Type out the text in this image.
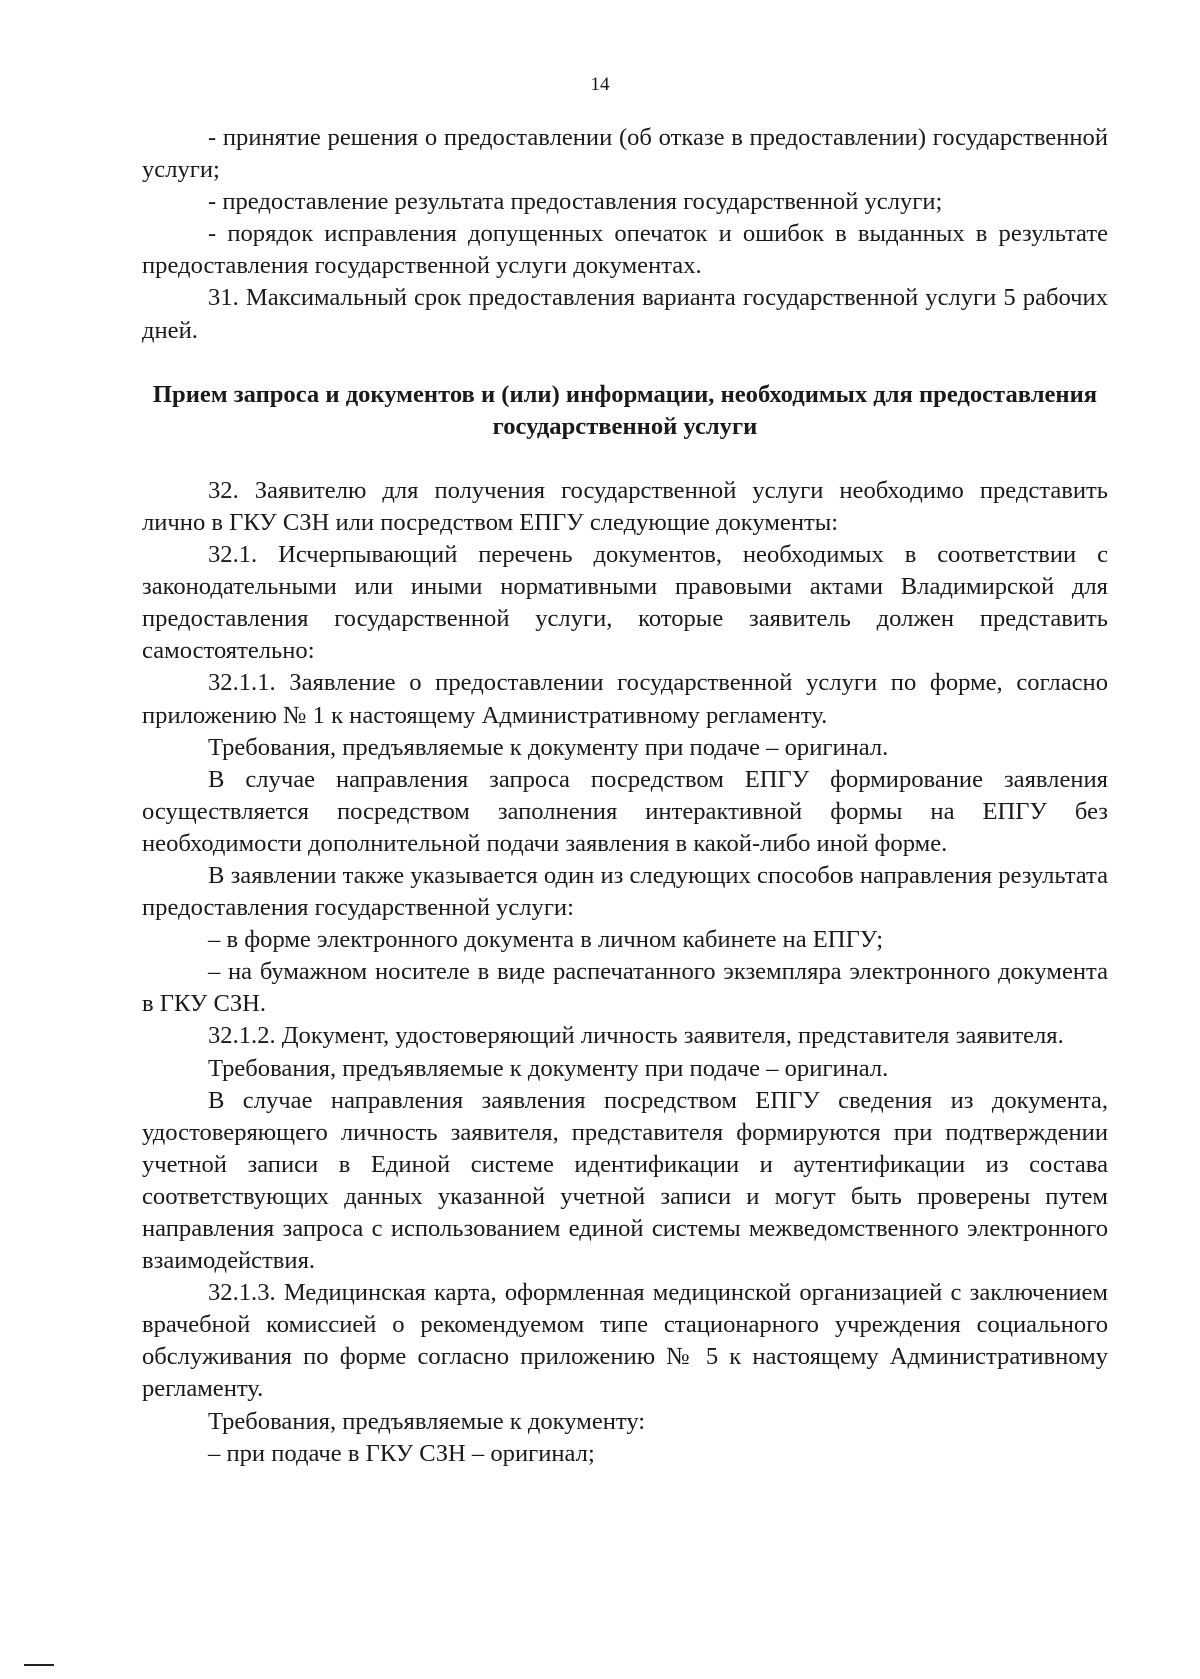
14

- принятие решения о предоставлении (об отказе в предоставлении) государственной услуги;

- предоставление результата предоставления государственной услуги;

- порядок исправления допущенных опечаток и ошибок в выданных в результате предоставления государственной услуги документах.

31. Максимальный срок предоставления варианта государственной услуги 5 рабочих дней.

Прием запроса и документов и (или) информации, необходимых для предоставления государственной услуги

32. Заявителю для получения государственной услуги необходимо представить лично в ГКУ СЗН или посредством ЕПГУ следующие документы:

32.1. Исчерпывающий перечень документов, необходимых в соответствии с законодательными или иными нормативными правовыми актами Владимирской для предоставления государственной услуги, которые заявитель должен представить самостоятельно:

32.1.1. Заявление о предоставлении государственной услуги по форме, согласно приложению № 1 к настоящему Административному регламенту.

Требования, предъявляемые к документу при подаче – оригинал.

В случае направления запроса посредством ЕПГУ формирование заявления осуществляется посредством заполнения интерактивной формы на ЕПГУ без необходимости дополнительной подачи заявления в какой-либо иной форме.

В заявлении также указывается один из следующих способов направления результата предоставления государственной услуги:

– в форме электронного документа в личном кабинете на ЕПГУ;

– на бумажном носителе в виде распечатанного экземпляра электронного документа в ГКУ СЗН.

32.1.2. Документ, удостоверяющий личность заявителя, представителя заявителя.

Требования, предъявляемые к документу при подаче – оригинал.

В случае направления заявления посредством ЕПГУ сведения из документа, удостоверяющего личность заявителя, представителя формируются при подтверждении учетной записи в Единой системе идентификации и аутентификации из состава соответствующих данных указанной учетной записи и могут быть проверены путем направления запроса с использованием единой системы межведомственного электронного взаимодействия.

32.1.3. Медицинская карта, оформленная медицинской организацией с заключением врачебной комиссией о рекомендуемом типе стационарного учреждения социального обслуживания по форме согласно приложению № 5 к настоящему Административному регламенту.

Требования, предъявляемые к документу:

– при подаче в ГКУ СЗН – оригинал;
